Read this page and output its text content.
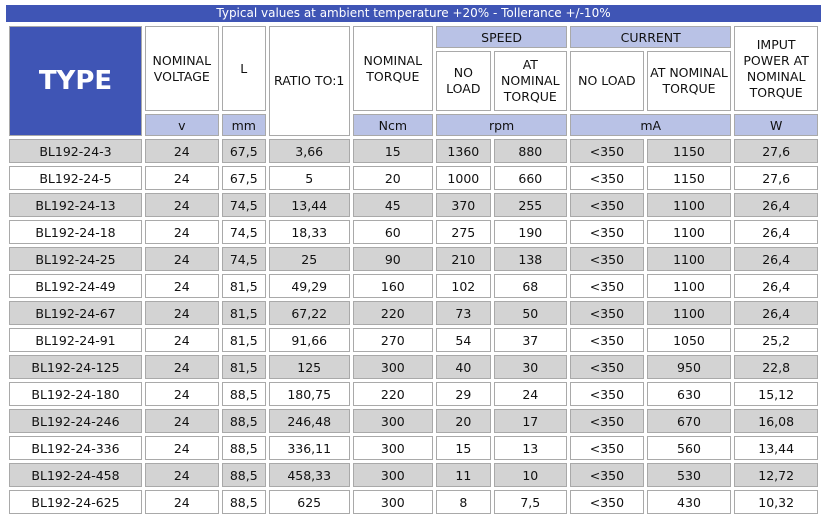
Typical values at ambient temperature +20% - Tollerance +/-10%
TYPE	NOMINAL VOLTAGE	L	RATIO TO:1	NOMINAL TORQUE	SPEED		CURRENT		IMPUT POWER AT NOMINAL TORQUE
					NO LOAD	AT NOMINAL TORQUE	NO LOAD	AT NOMINAL TORQUE	
	v	mm		Ncm	rpm		mA		W
BL192-24-3	24	67,5	3,66	15	1360	880	<350	1150	27,6
BL192-24-5	24	67,5	5	20	1000	660	<350	1150	27,6
BL192-24-13	24	74,5	13,44	45	370	255	<350	1100	26,4
BL192-24-18	24	74,5	18,33	60	275	190	<350	1100	26,4
BL192-24-25	24	74,5	25	90	210	138	<350	1100	26,4
BL192-24-49	24	81,5	49,29	160	102	68	<350	1100	26,4
BL192-24-67	24	81,5	67,22	220	73	50	<350	1100	26,4
BL192-24-91	24	81,5	91,66	270	54	37	<350	1050	25,2
BL192-24-125	24	81,5	125	300	40	30	<350	950	22,8
BL192-24-180	24	88,5	180,75	220	29	24	<350	630	15,12
BL192-24-246	24	88,5	246,48	300	20	17	<350	670	16,08
BL192-24-336	24	88,5	336,11	300	15	13	<350	560	13,44
BL192-24-458	24	88,5	458,33	300	11	10	<350	530	12,72
BL192-24-625	24	88,5	625	300	8	7,5	<350	430	10,32
